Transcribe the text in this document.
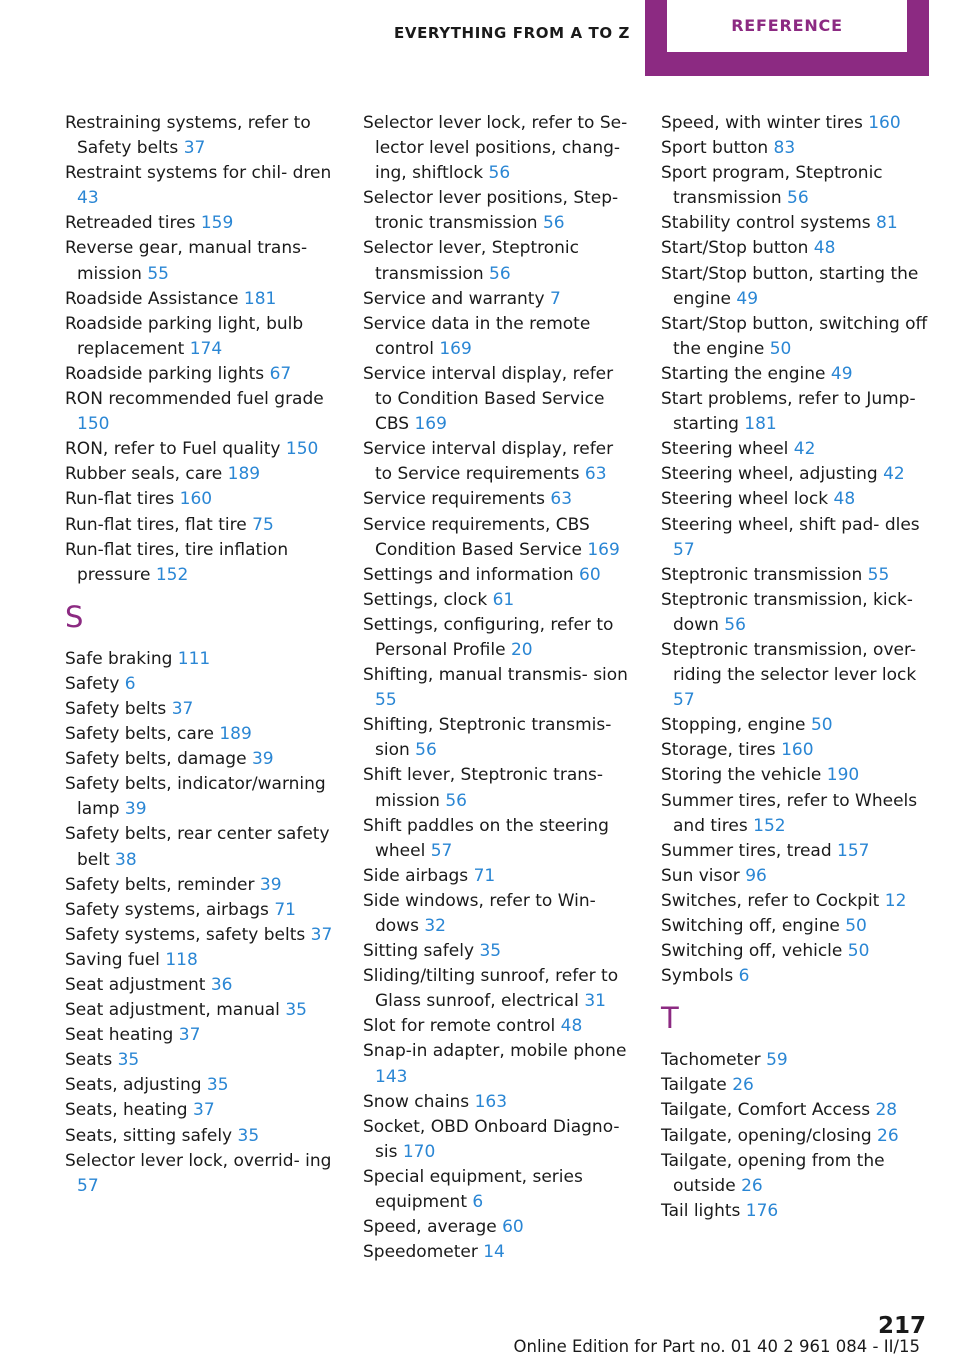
EVERYTHING FROM A TO Z	REFERENCE
Restraining systems, refer to Safety belts 37
Restraint systems for chil- dren 43
Retreaded tires 159
Reverse gear, manual trans- mission 55
Roadside Assistance 181
Roadside parking light, bulb replacement 174
Roadside parking lights 67
RON recommended fuel grade 150
RON, refer to Fuel quality 150
Rubber seals, care 189
Run-flat tires 160
Run-flat tires, flat tire 75
Run-flat tires, tire inflation pressure 152
S
Safe braking 111
Safety 6
Safety belts 37
Safety belts, care 189
Safety belts, damage 39
Safety belts, indicator/warning lamp 39
Safety belts, rear center safety belt 38
Safety belts, reminder 39
Safety systems, airbags 71
Safety systems, safety belts 37
Saving fuel 118
Seat adjustment 36
Seat adjustment, manual 35
Seat heating 37
Seats 35
Seats, adjusting 35
Seats, heating 37
Seats, sitting safely 35
Selector lever lock, overrid- ing 57
Selector lever lock, refer to Se- lector level positions, chang- ing, shiftlock 56
Selector lever positions, Step- tronic transmission 56
Selector lever, Steptronic transmission 56
Service and warranty 7
Service data in the remote control 169
Service interval display, refer to Condition Based Service CBS 169
Service interval display, refer to Service requirements 63
Service requirements 63
Service requirements, CBS Condition Based Service 169
Settings and information 60
Settings, clock 61
Settings, configuring, refer to Personal Profile 20
Shifting, manual transmis- sion 55
Shifting, Steptronic transmis- sion 56
Shift lever, Steptronic trans- mission 56
Shift paddles on the steering wheel 57
Side airbags 71
Side windows, refer to Win- dows 32
Sitting safely 35
Sliding/tilting sunroof, refer to Glass sunroof, electrical 31
Slot for remote control 48
Snap-in adapter, mobile phone 143
Snow chains 163
Socket, OBD Onboard Diagno- sis 170
Special equipment, series equipment 6
Speed, average 60
Speedometer 14
Speed, with winter tires 160
Sport button 83
Sport program, Steptronic transmission 56
Stability control systems 81
Start/Stop button 48
Start/Stop button, starting the engine 49
Start/Stop button, switching off the engine 50
Starting the engine 49
Start problems, refer to Jump- starting 181
Steering wheel 42
Steering wheel, adjusting 42
Steering wheel lock 48
Steering wheel, shift pad- dles 57
Steptronic transmission 55
Steptronic transmission, kick- down 56
Steptronic transmission, over- riding the selector lever lock 57
Stopping, engine 50
Storage, tires 160
Storing the vehicle 190
Summer tires, refer to Wheels and tires 152
Summer tires, tread 157
Sun visor 96
Switches, refer to Cockpit 12
Switching off, engine 50
Switching off, vehicle 50
Symbols 6
T
Tachometer 59
Tailgate 26
Tailgate, Comfort Access 28
Tailgate, opening/closing 26
Tailgate, opening from the outside 26
Tail lights 176
217
Online Edition for Part no. 01 40 2 961 084 - II/15
